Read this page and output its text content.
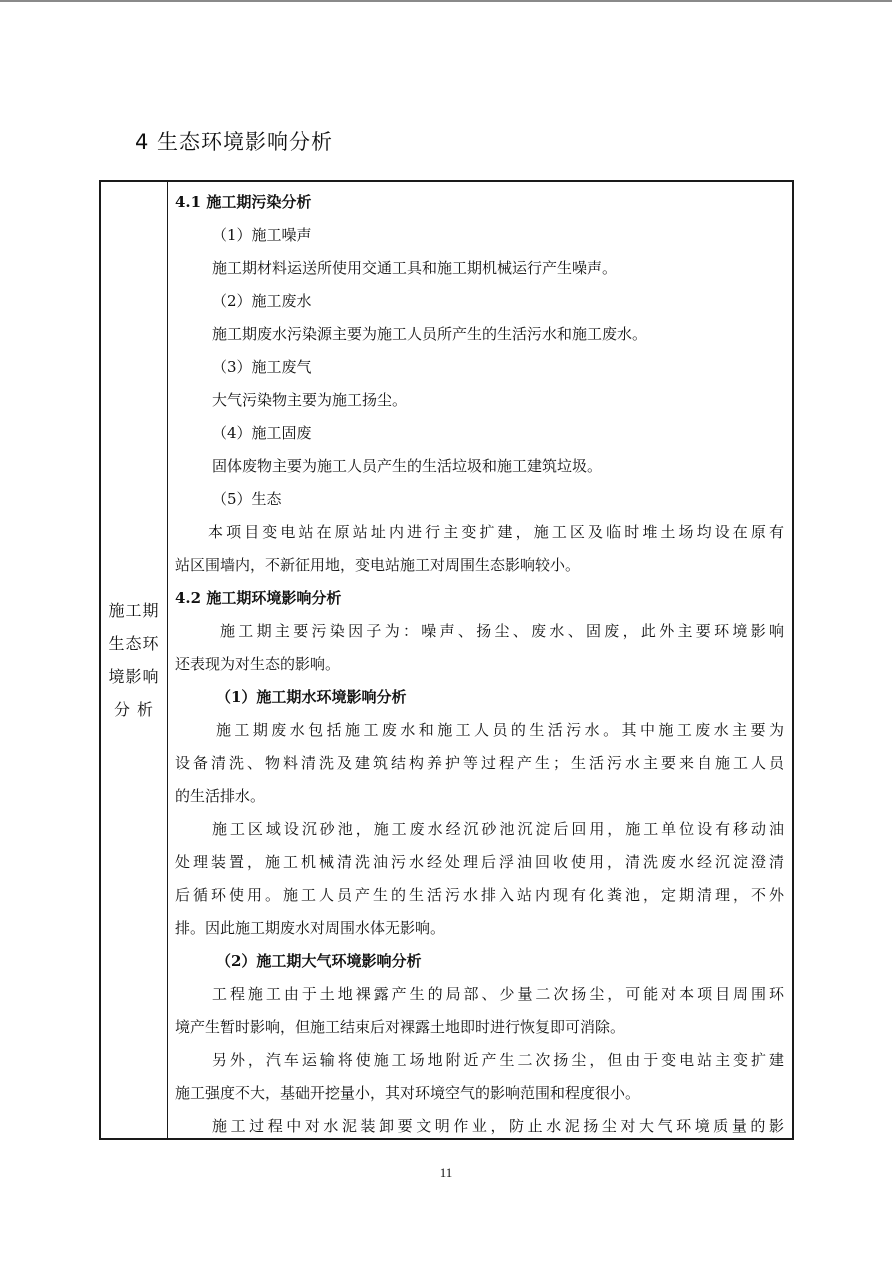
4 生态环境影响分析
施工期
生态环
境影响
分 析
4.1 施工期污染分析
（1）施工噪声
施工期材料运送所使用交通工具和施工期机械运行产生噪声。
（2）施工废水
施工期废水污染源主要为施工人员所产生的生活污水和施工废水。
（3）施工废气
大气污染物主要为施工扬尘。
（4）施工固废
固体废物主要为施工人员产生的生活垃圾和施工建筑垃圾。
（5）生态
本项目变电站在原站址内进行主变扩建，施工区及临时堆土场均设在原有
站区围墙内，不新征用地，变电站施工对周围生态影响较小。
4.2 施工期环境影响分析
施工期主要污染因子为：噪声、扬尘、废水、固废，此外主要环境影响
还表现为对生态的影响。
（1）施工期水环境影响分析
施工期废水包括施工废水和施工人员的生活污水。其中施工废水主要为
设备清洗、物料清洗及建筑结构养护等过程产生；生活污水主要来自施工人员
的生活排水。
施工区域设沉砂池，施工废水经沉砂池沉淀后回用，施工单位设有移动油
处理装置，施工机械清洗油污水经处理后浮油回收使用，清洗废水经沉淀澄清
后循环使用。施工人员产生的生活污水排入站内现有化粪池，定期清理，不外
排。因此施工期废水对周围水体无影响。
（2）施工期大气环境影响分析
工程施工由于土地裸露产生的局部、少量二次扬尘，可能对本项目周围环
境产生暂时影响，但施工结束后对裸露土地即时进行恢复即可消除。
另外，汽车运输将使施工场地附近产生二次扬尘，但由于变电站主变扩建
施工强度不大，基础开挖量小，其对环境空气的影响范围和程度很小。
施工过程中对水泥装卸要文明作业，防止水泥扬尘对大气环境质量的影
11
